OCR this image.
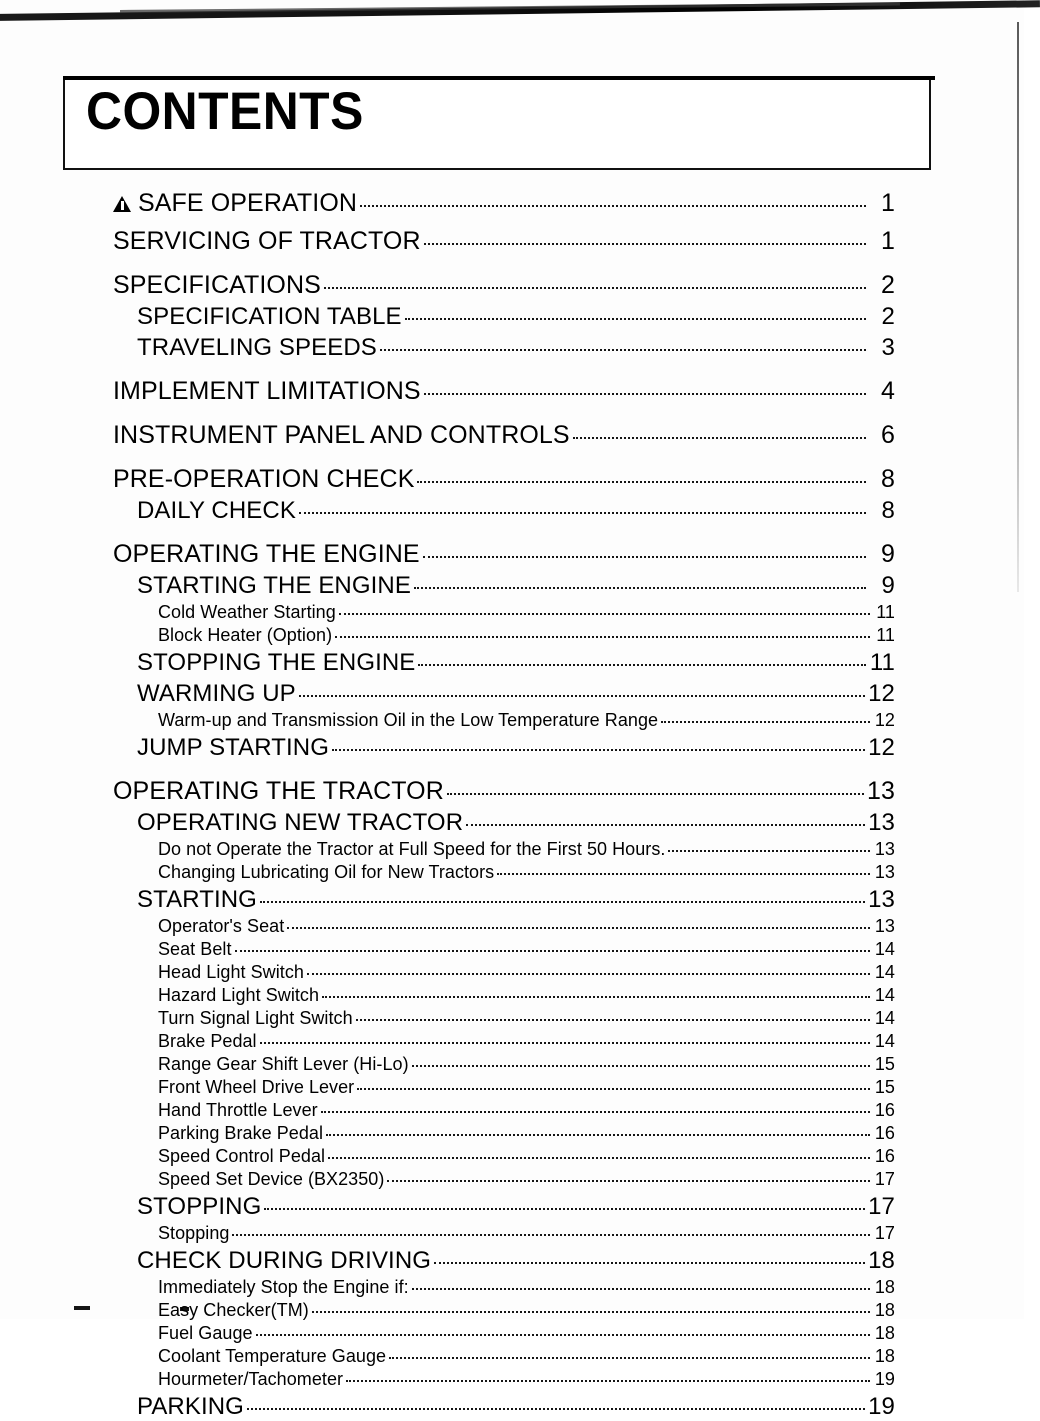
CONTENTS
SAFE OPERATION	1
SERVICING OF TRACTOR	1
SPECIFICATIONS	2
SPECIFICATION TABLE	2
TRAVELING SPEEDS	3
IMPLEMENT LIMITATIONS	4
INSTRUMENT PANEL AND CONTROLS	6
PRE-OPERATION CHECK	8
DAILY CHECK	8
OPERATING THE ENGINE	9
STARTING THE ENGINE	9
Cold Weather Starting	11
Block Heater (Option)	11
STOPPING THE ENGINE	11
WARMING UP	12
Warm-up and Transmission Oil in the Low Temperature Range	12
JUMP STARTING	12
OPERATING THE TRACTOR	13
OPERATING NEW TRACTOR	13
Do not Operate the Tractor at Full Speed for the First 50 Hours.	13
Changing Lubricating Oil for New Tractors	13
STARTING	13
Operator's Seat	13
Seat Belt	14
Head Light Switch	14
Hazard Light Switch	14
Turn Signal Light Switch	14
Brake Pedal	14
Range Gear Shift Lever (Hi-Lo)	15
Front Wheel Drive Lever	15
Hand Throttle Lever	16
Parking Brake Pedal	16
Speed Control Pedal	16
Speed Set Device (BX2350)	17
STOPPING	17
Stopping	17
CHECK DURING DRIVING	18
Immediately Stop the Engine if:	18
Easy Checker(TM)	18
Fuel Gauge	18
Coolant Temperature Gauge	18
Hourmeter/Tachometer	19
PARKING	19
